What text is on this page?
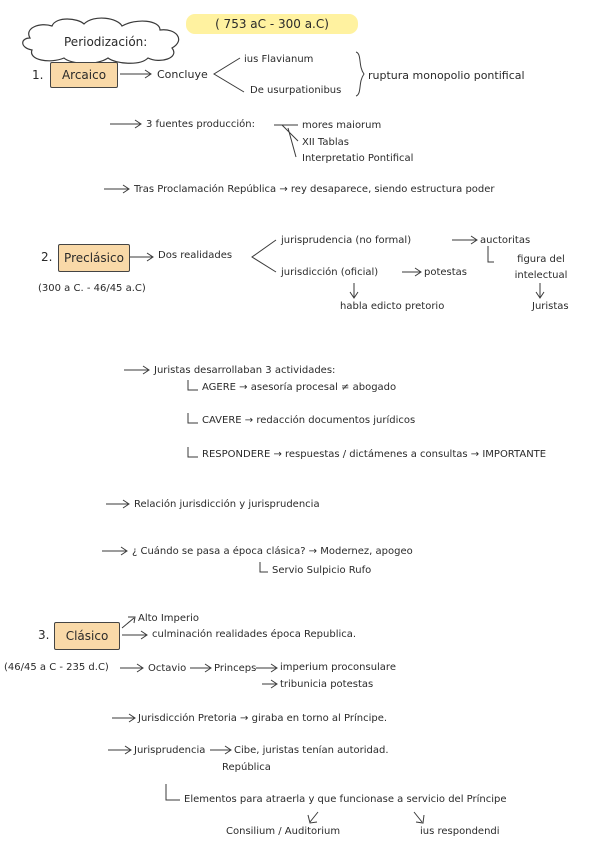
Periodización:
( 753 aC - 300 a.C)
1.	Arcaico	Concluye
ius Flavianum
De usurpationibus
ruptura monopolio pontifical
3 fuentes producción:	mores maiorum
XII Tablas
Interpretatio Pontifical
Tras Proclamación República → rey desaparece, siendo estructura poder
2. Preclásico
(300 a C. - 46/45 a.C)
Dos realidades
jurisprudencia (no formal)	auctoritas
figura del intelectual
Juristas
jurisdicción (oficial)	potestas
habla edicto pretorio
Juristas desarrollaban 3 actividades:
AGERE → asesoría procesal ≠ abogado
CAVERE → redacción documentos jurídicos
RESPONDERE → respuestas / dictámenes a consultas → IMPORTANTE
Relación jurisdicción y jurisprudencia
¿ Cuándo se pasa a época clásica? → Modernez, apogeo
Servio Sulpicio Rufo
Alto Imperio
3.	Clásico	culminación realidades época Republica.
(46/45 a C - 235 d.C)	Octavio	Princeps imperium proconsulare
tribunicia potestas
Jurisdicción Pretoria → giraba en torno al Príncipe.
Jurisprudencia	Cibe, juristas tenían autoridad.
República
Elementos para atraerla y que funcionase a servicio del Príncipe
Consilium / Auditorium	ius respondendi
